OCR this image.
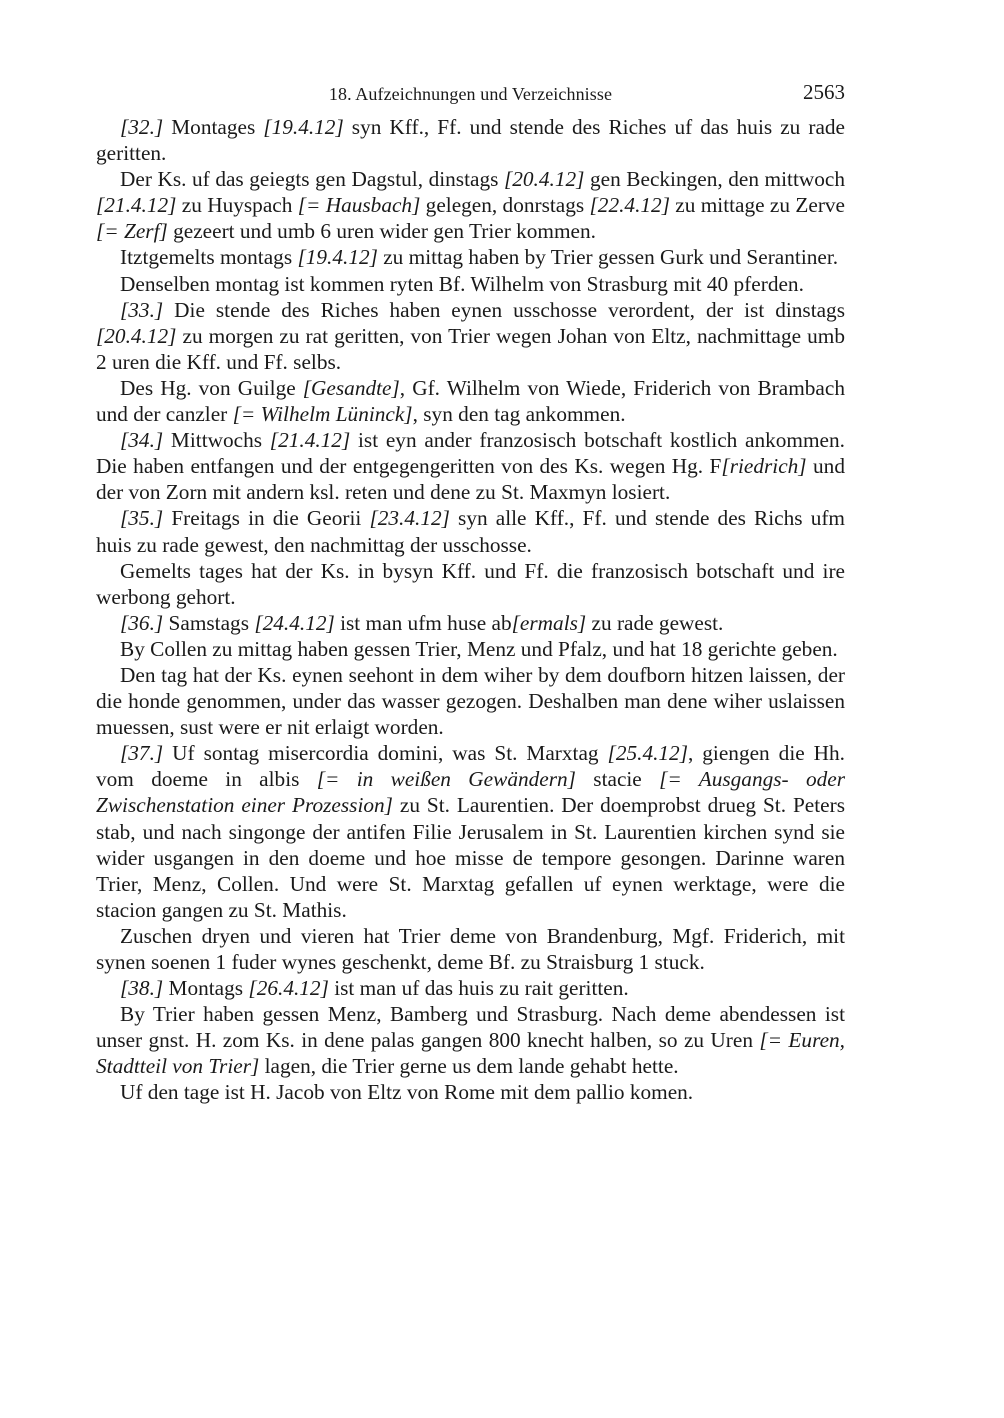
18. Aufzeichnungen und Verzeichnisse	2563

[32.] Montages [19.4.12] syn Kff., Ff. und stende des Riches uf das huis zu rade geritten.

Der Ks. uf das geiegts gen Dagstul, dinstags [20.4.12] gen Beckingen, den mittwoch [21.4.12] zu Huyspach [= Hausbach] gelegen, donrstags [22.4.12] zu mittage zu Zerve [= Zerf] gezeert und umb 6 uren wider gen Trier kommen.

Itztgemelts montags [19.4.12] zu mittag haben by Trier gessen Gurk und Serantiner.

Denselben montag ist kommen ryten Bf. Wilhelm von Strasburg mit 40 pferden.

[33.] Die stende des Riches haben eynen usschosse verordent, der ist dinstags [20.4.12] zu morgen zu rat geritten, von Trier wegen Johan von Eltz, nachmittage umb 2 uren die Kff. und Ff. selbs.

Des Hg. von Guilge [Gesandte], Gf. Wilhelm von Wiede, Friderich von Brambach und der canzler [= Wilhelm Lüninck], syn den tag ankommen.

[34.] Mittwochs [21.4.12] ist eyn ander franzosisch botschaft kostlich ankommen. Die haben entfangen und der entgegengeritten von des Ks. wegen Hg. F[riedrich] und der von Zorn mit andern ksl. reten und dene zu St. Maxmyn losiert.

[35.] Freitags in die Georii [23.4.12] syn alle Kff., Ff. und stende des Richs ufm huis zu rade gewest, den nachmittag der usschosse.

Gemelts tages hat der Ks. in bysyn Kff. und Ff. die franzosisch botschaft und ire werbong gehort.

[36.] Samstags [24.4.12] ist man ufm huse ab[ermals] zu rade gewest.

By Collen zu mittag haben gessen Trier, Menz und Pfalz, und hat 18 gerichte geben.

Den tag hat der Ks. eynen seehont in dem wiher by dem doufborn hitzen laissen, der die honde genommen, under das wasser gezogen. Deshalben man dene wiher uslaissen muessen, sust were er nit erlaigt worden.

[37.] Uf sontag misercordia domini, was St. Marxtag [25.4.12], giengen die Hh. vom doeme in albis [= in weißen Gewändern] stacie [= Ausgangs- oder Zwischenstation einer Prozession] zu St. Laurentien. Der doemprobst drueg St. Peters stab, und nach singonge der antifen Filie Jerusalem in St. Laurentien kirchen synd sie wider usgangen in den doeme und hoe misse de tempore gesongen. Darinne waren Trier, Menz, Collen. Und were St. Marxtag gefallen uf eynen werktage, were die stacion gangen zu St. Mathis.

Zuschen dryen und vieren hat Trier deme von Brandenburg, Mgf. Friderich, mit synen soenen 1 fuder wynes geschenkt, deme Bf. zu Straisburg 1 stuck.

[38.] Montags [26.4.12] ist man uf das huis zu rait geritten.

By Trier haben gessen Menz, Bamberg und Strasburg. Nach deme abendessen ist unser gnst. H. zom Ks. in dene palas gangen 800 knecht halben, so zu Uren [= Euren, Stadtteil von Trier] lagen, die Trier gerne us dem lande gehabt hette.

Uf den tage ist H. Jacob von Eltz von Rome mit dem pallio komen.
